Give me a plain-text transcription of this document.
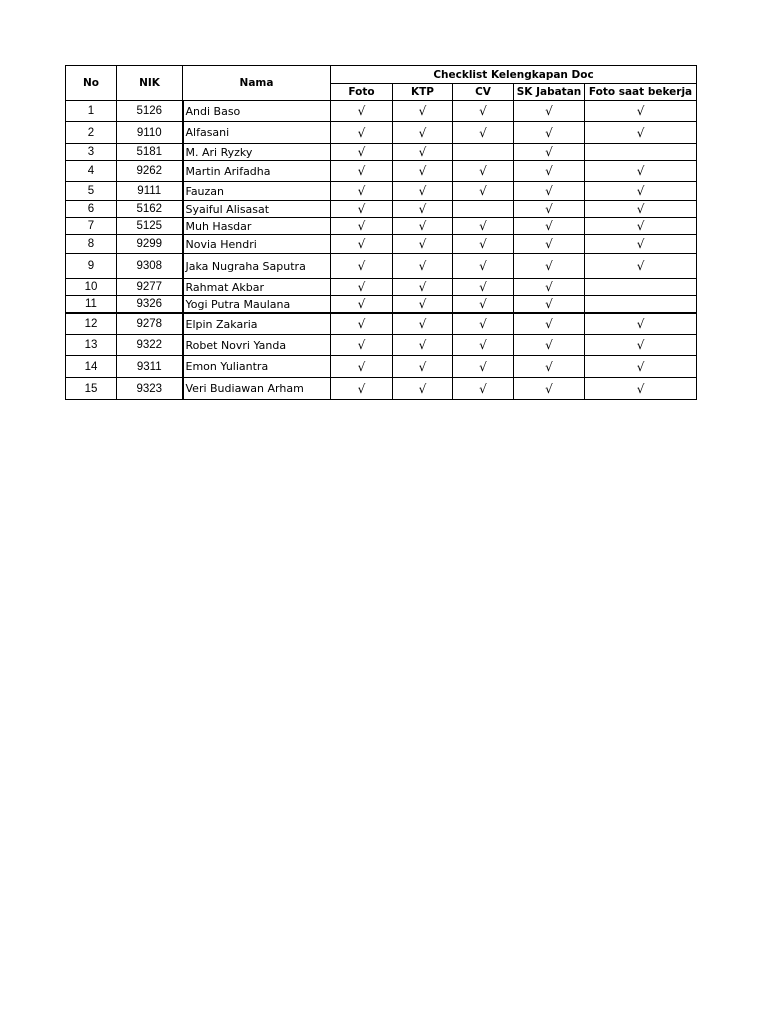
No	NIK	Nama	Checklist Kelengkapan Doc				
			Foto	KTP	CV	SK Jabatan	Foto saat bekerja
1	5126	Andi Baso	√	√	√	√	√
2	9110	Alfasani	√	√	√	√	√
3	5181	M. Ari Ryzky	√	√		√	
4	9262	Martin Arifadha	√	√	√	√	√
5	9111	Fauzan	√	√	√	√	√
6	5162	Syaiful Alisasat	√	√		√	√
7	5125	Muh Hasdar	√	√	√	√	√
8	9299	Novia Hendri	√	√	√	√	√
9	9308	Jaka Nugraha Saputra	√	√	√	√	√
10	9277	Rahmat Akbar	√	√	√	√	
11	9326	Yogi Putra Maulana	√	√	√	√	
12	9278	Elpin Zakaria	√	√	√	√	√
13	9322	Robet Novri Yanda	√	√	√	√	√
14	9311	Emon Yuliantra	√	√	√	√	√
15	9323	Veri Budiawan Arham	√	√	√	√	√
